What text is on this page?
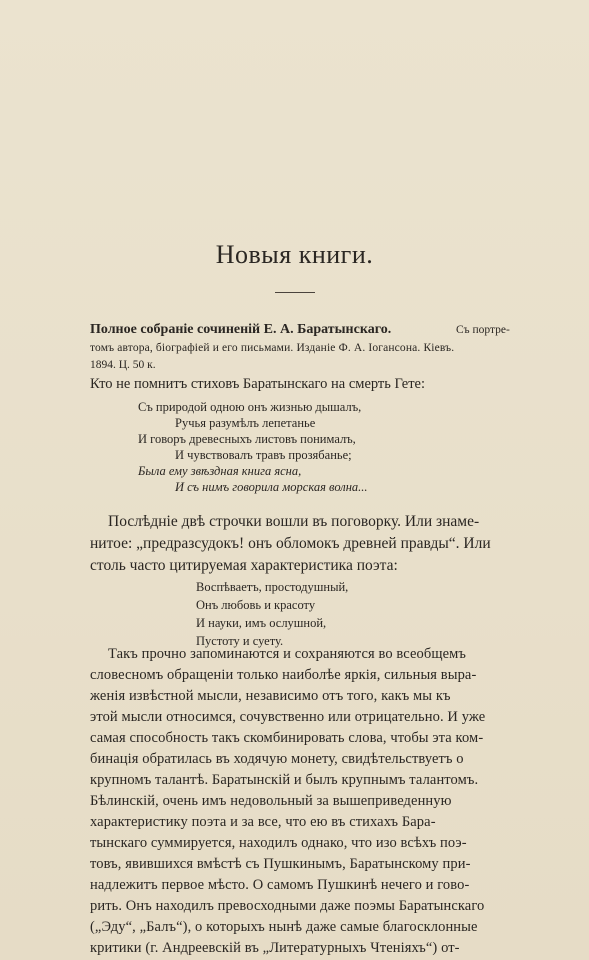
Новыя книги.
Полное собраніе сочиненій Е. А. Баратынскаго.	Съ портре-
томъ автора, біографіей и его письмами. Изданіе Ф. А. Іогансона. Кіевъ.
1894. Ц. 50 к.
Кто не помнитъ стиховъ Баратынскаго на смерть Гете:
Съ природой одною онъ жизнью дышалъ,
Ручья разумѣлъ лепетанье
И говоръ древесныхъ листовъ понималъ,
И чувствовалъ травъ прозябанье;
Была ему звѣздная книга ясна,
И съ нимъ говорила морская волна...
Послѣдніе двѣ строчки вошли въ поговорку. Или знаме-
нитое: „предразсудокъ! онъ обломокъ древней правды“. Или
столь часто цитируемая характеристика поэта:
Воспѣваетъ, простодушный,
Онъ любовь и красоту
И науки, имъ ослушной,
Пустоту и суету.
Такъ прочно запоминаются и сохраняются во всеобщемъ
словесномъ обращеніи только наиболѣе яркія, сильныя выра-
женія извѣстной мысли, независимо отъ того, какъ мы къ
этой мысли относимся, сочувственно или отрицательно. И уже
самая способность такъ скомбинировать слова, чтобы эта ком-
бинація обратилась въ ходячую монету, свидѣтельствуетъ о
крупномъ талантѣ. Баратынскій и былъ крупнымъ талантомъ.
Бѣлинскій, очень имъ недовольный за вышеприведенную
характеристику поэта и за все, что ею въ стихахъ Бара-
тынскаго суммируется, находилъ однако, что изо всѣхъ поэ-
товъ, явившихся вмѣстѣ съ Пушкинымъ, Баратынскому при-
надлежитъ первое мѣсто. О самомъ Пушкинѣ нечего и гово-
рить. Онъ находилъ превосходными даже поэмы Баратынскаго
(„Эду“, „Балъ“), о которыхъ нынѣ даже самые благосклонные
критики (г. Андреевскій въ „Литературныхъ Чтеніяхъ“) от-
